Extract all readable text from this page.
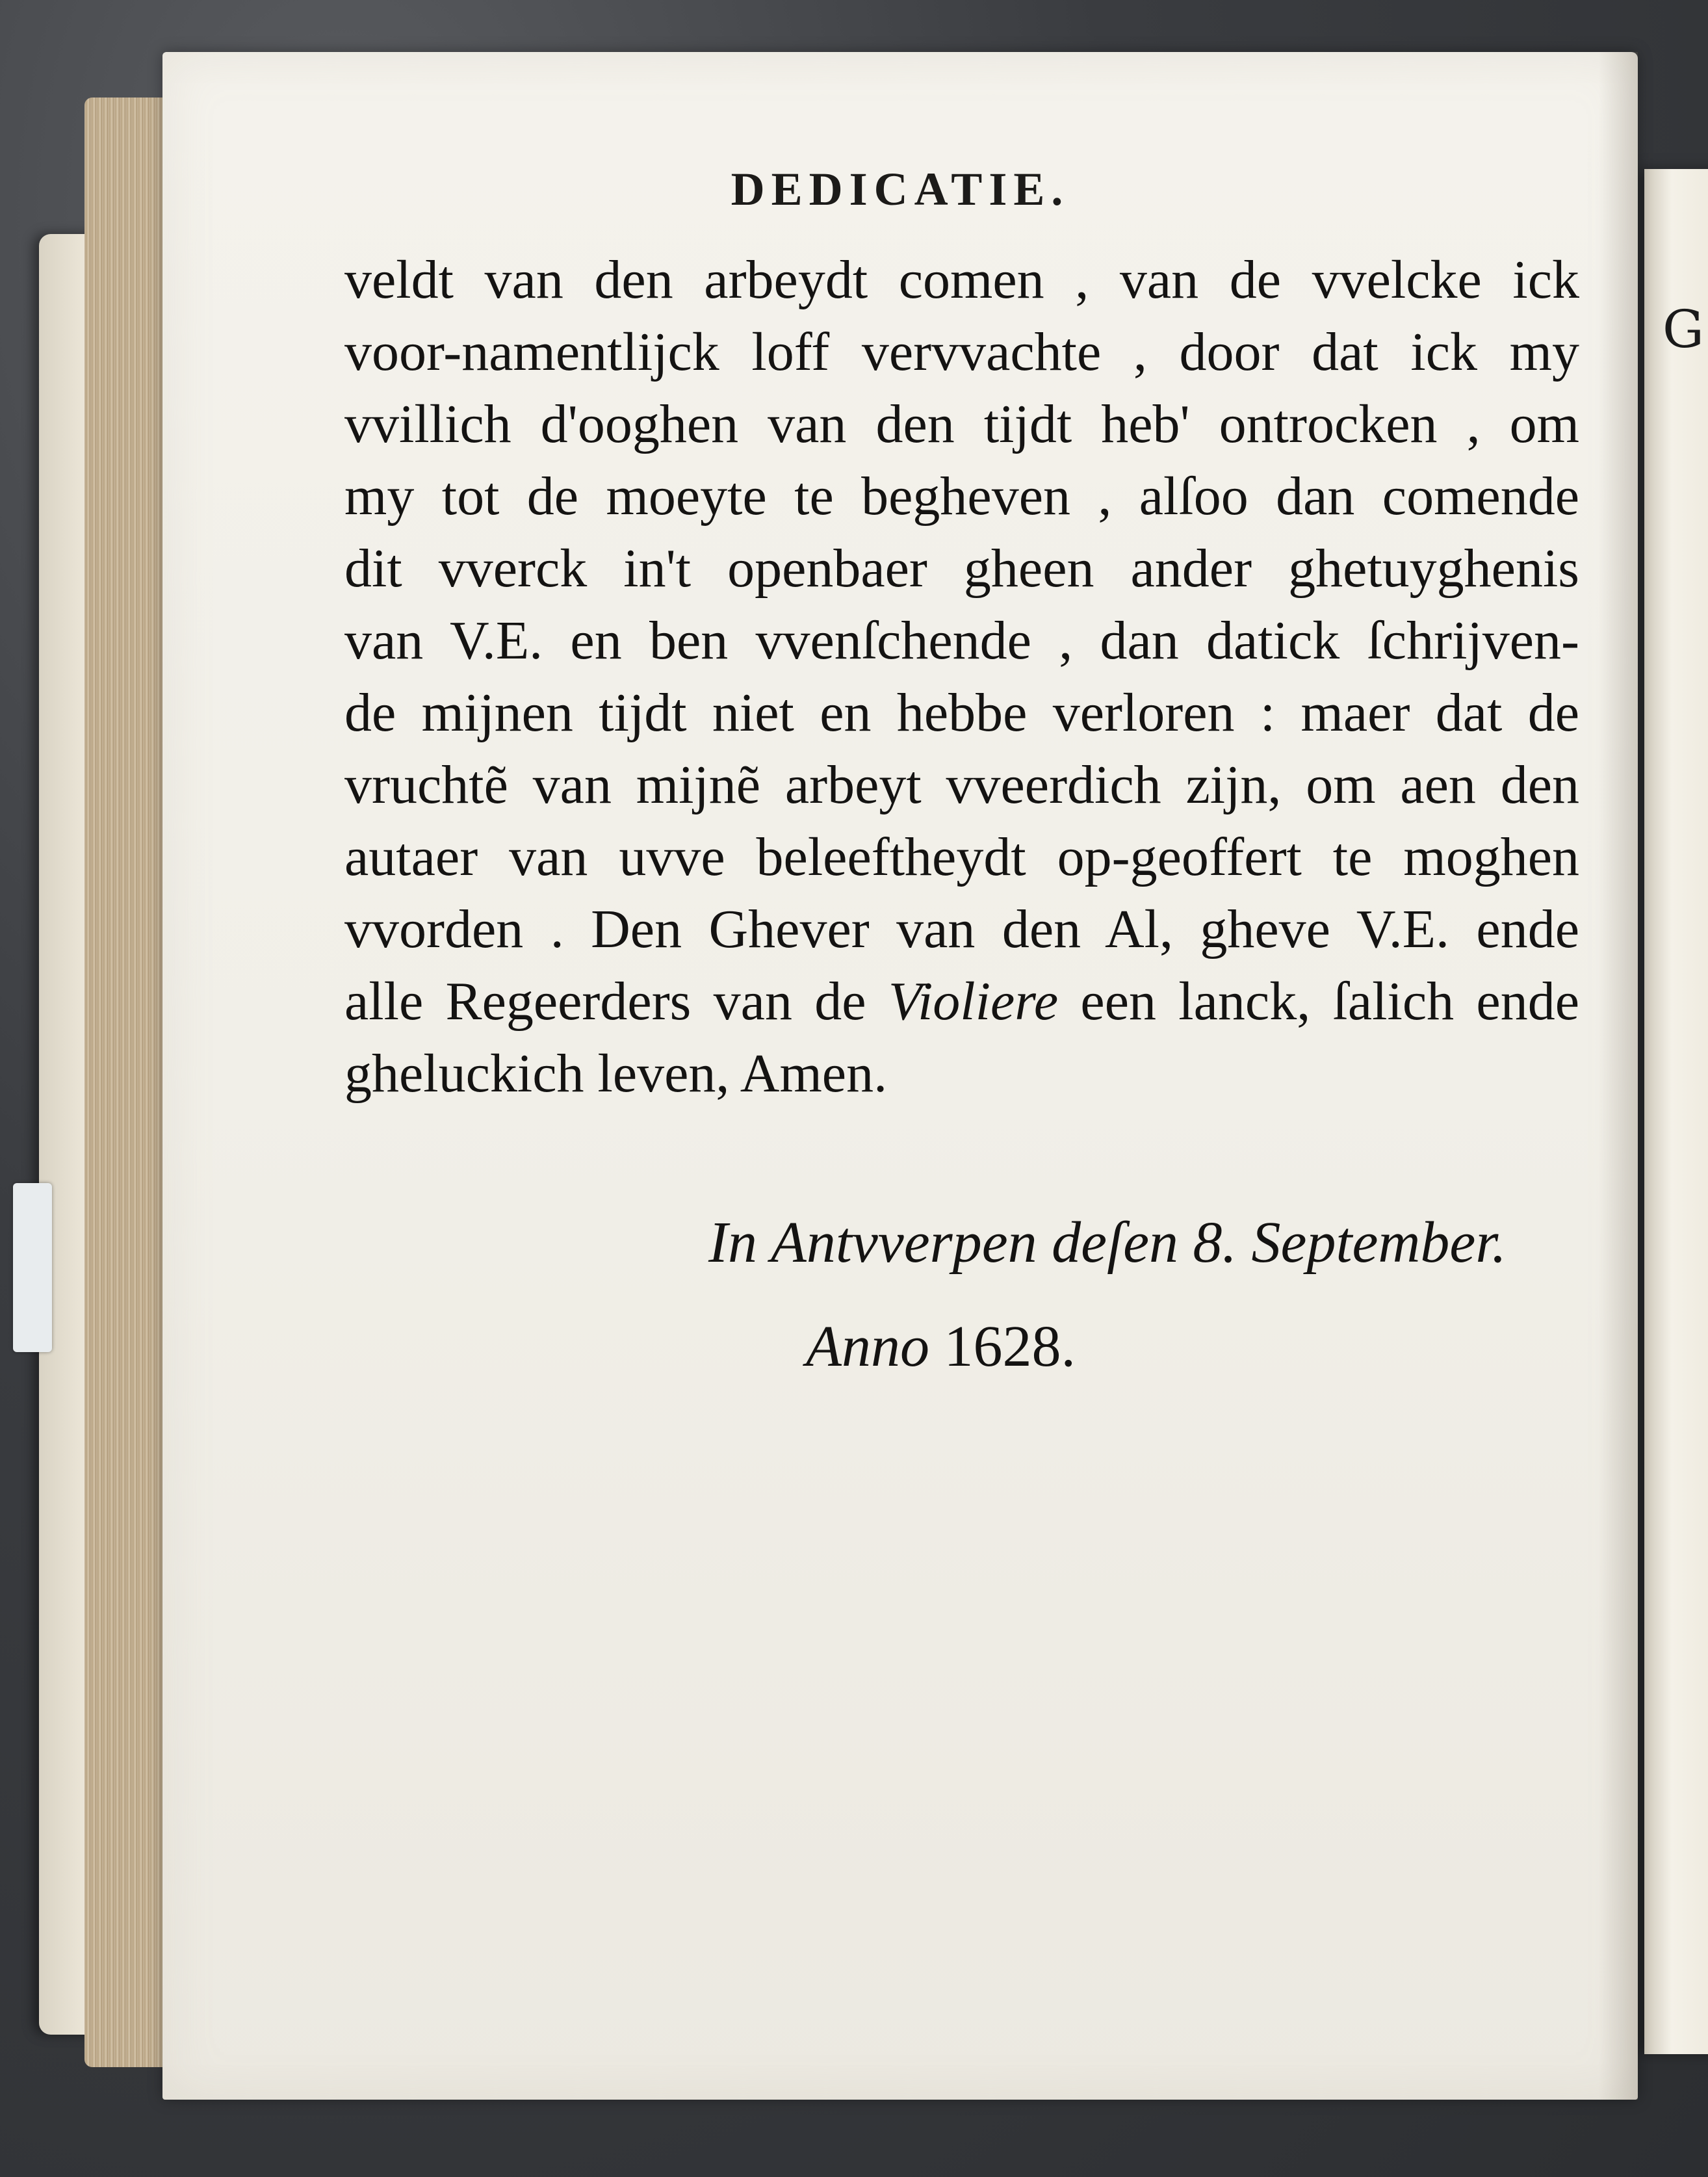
G
DEDICATIE.
veldt van den arbeydt comen , van de vvelcke ick
voor-namentlijck loff vervvachte , door dat ick my
vvillich d'ooghen van den tijdt heb' ontrocken , om
my tot de moeyte te begheven , alſoo dan comende
dit vverck in't openbaer gheen ander ghetuyghenis
van V.E. en ben vvenſchende , dan datick ſchrijven-
de mijnen tijdt niet en hebbe verloren : maer dat de
vruchtẽ van mijnẽ arbeyt vveerdich zijn, om aen den
autaer van uvve beleeftheydt op-geoffert te moghen
vvorden . Den Ghever van den Al, gheve V.E. ende
alle Regeerders van de Violiere een lanck, ſalich ende
gheluckich leven, Amen.
In Antvverpen deſen 8. September.
Anno 1628.
